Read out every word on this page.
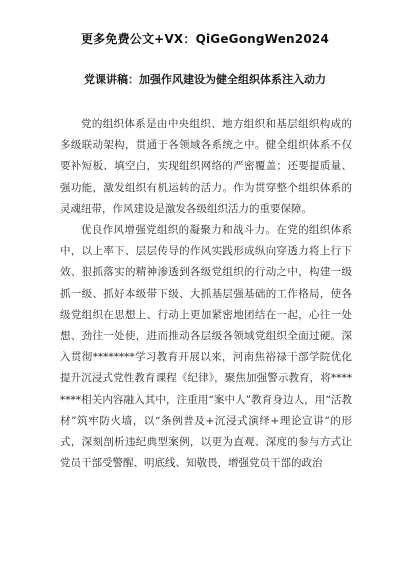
更多免费公文+VX：QiGeGongWen2024
党课讲稿：加强作风建设为健全组织体系注入动力

党的组织体系是由中央组织、地方组织和基层组织构成的多级联动架构，贯通于各领域各系统之中。健全组织体系不仅要补短板、填空白，实现组织网络的严密覆盖；还要提质量、强功能，激发组织有机运转的活力。作为贯穿整个组织体系的灵魂纽带，作风建设是激发各级组织活力的重要保障。

优良作风增强党组织的凝聚力和战斗力。在党的组织体系中，以上率下、层层传导的作风实践形成纵向穿透力将上行下效、狠抓落实的精神渗透到各级党组织的行动之中，构建一级抓一级、抓好本级带下级、大抓基层强基础的工作格局，使各级党组织在思想上、行动上更加紧密地团结在一起，心往一处想、劲往一处使，进而推动各层级各领域党组织全面过硬。深入贯彻********学习教育开展以来，河南焦裕禄干部学院优化提升沉浸式党性教育课程《纪律》，聚焦加强警示教育，将********相关内容融入其中，注重用“案中人”教育身边人，用“活教材”筑牢防火墙，以“条例普及+沉浸式演绎+理论宣讲”的形式，深刻剖析违纪典型案例，以更为直观、深度的参与方式让党员干部受警醒、明底线、知敬畏，增强党员干部的政治
